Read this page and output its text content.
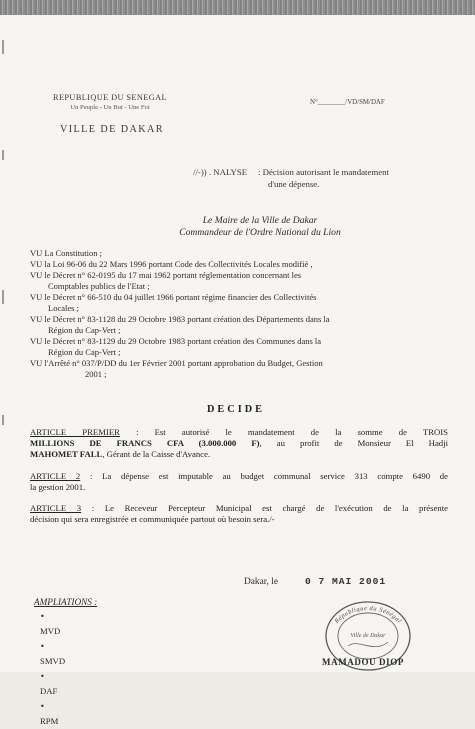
REPUBLIQUE DU SENEGAL
Un Peuple - Un But - Une Foi
VILLE DE DAKAR
N°________/VD/SM/DAF
//-)) . NALYSE : Décision autorisant le mandatement
d'une dépense.
Le Maire de la Ville de Dakar
Commandeur de l'Ordre National du Lion
VU La Constitution ;
VU la Loi 96-06 du 22 Mars 1996 portant Code des Collectivités Locales modifié ,
VU le Décret n° 62-0195 du 17 mai 1962 portant réglementation concernant les
Comptables publics de l'Etat ;
VU le Décret n° 66-510 du 04 juillet 1966 portant régime financier des Collectivités
Locales ;
VU le Décret n° 83-1128 du 29 Octobre 1983 portant création des Départements dans la
Région du Cap-Vert ;
VU le Décret n° 83-1129 du 29 Octobre 1983 portant création des Communes dans la
Région du Cap-Vert ;
VU l'Arrêté n° 037/P/DD du 1er Février 2001 portant approbation du Budget, Gestion
2001 ;
DECIDE
ARTICLE PREMIER : Est autorisé le mandatement de la somme de TROIS
MILLIONS DE FRANCS CFA (3.000.000 F), au profit de Monsieur El Hadji
MAHOMET FALL, Gérant de la Caisse d'Avance.
ARTICLE 2 : La dépense est imputable au budget communal service 313 compte 6490 de
la gestion 2001.
ARTICLE 3 : Le Receveur Percepteur Municipal est chargé de l'exécution de la présente
décision qui sera enregistrée et communiquée partout où besoin sera./-
Dakar, le	0 7 MAI 2001
AMPLIATIONS :
•
MVD
•
SMVD
•
DAF
•
RPM
République du Sénégal
Ville de Dakar
MAMADOU DIOP
